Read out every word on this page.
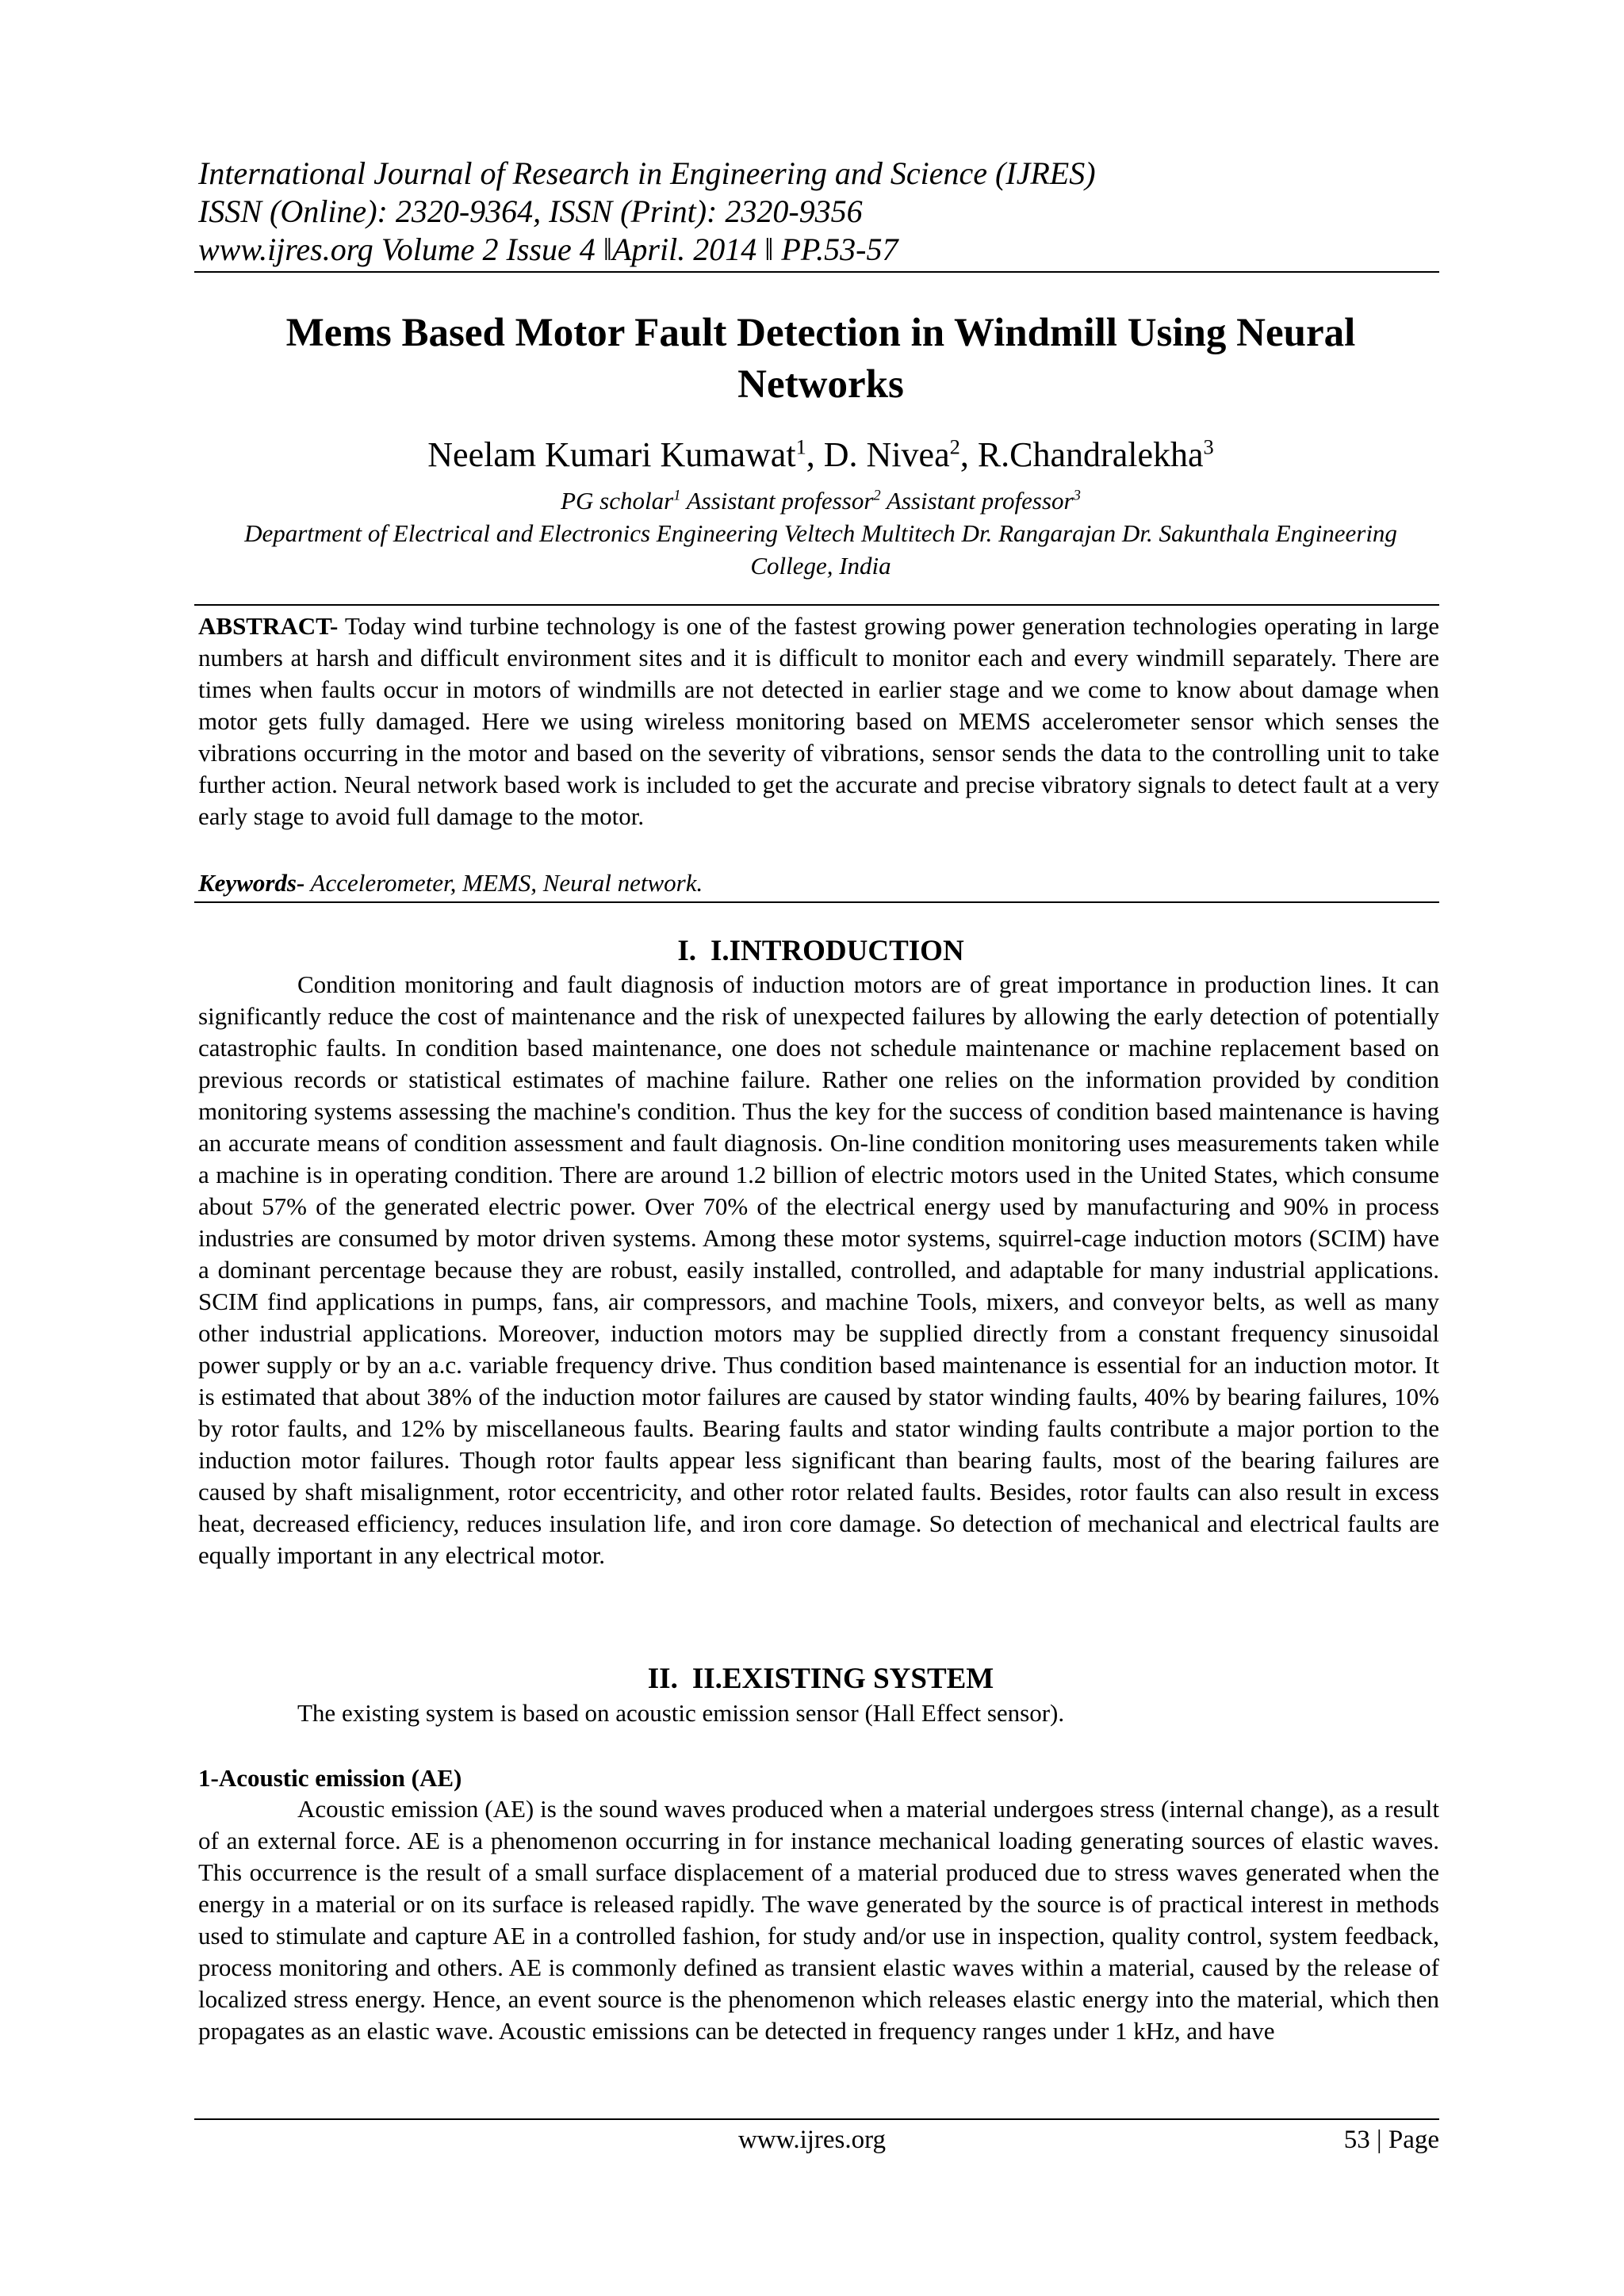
International Journal of Research in Engineering and Science (IJRES)
ISSN (Online): 2320-9364, ISSN (Print): 2320-9356
www.ijres.org Volume 2 Issue 4 ‖April. 2014 ‖ PP.53-57
Mems Based Motor Fault Detection in Windmill Using Neural Networks
Neelam Kumari Kumawat$^1$, D. Nivea$^2$, R.Chandralekha$^3$
PG scholar$^1$ Assistant professor$^2$ Assistant professor$^3$
Department of Electrical and Electronics Engineering Veltech Multitech Dr. Rangarajan Dr. Sakunthala Engineering College, India
ABSTRACT- Today wind turbine technology is one of the fastest growing power generation technologies operating in large numbers at harsh and difficult environment sites and it is difficult to monitor each and every windmill separately. There are times when faults occur in motors of windmills are not detected in earlier stage and we come to know about damage when motor gets fully damaged. Here we using wireless monitoring based on MEMS accelerometer sensor which senses the vibrations occurring in the motor and based on the severity of vibrations, sensor sends the data to the controlling unit to take further action. Neural network based work is included to get the accurate and precise vibratory signals to detect fault at a very early stage to avoid full damage to the motor.
Keywords- Accelerometer, MEMS, Neural network.
I. I.INTRODUCTION
Condition monitoring and fault diagnosis of induction motors are of great importance in production lines. It can significantly reduce the cost of maintenance and the risk of unexpected failures by allowing the early detection of potentially catastrophic faults. In condition based maintenance, one does not schedule maintenance or machine replacement based on previous records or statistical estimates of machine failure. Rather one relies on the information provided by condition monitoring systems assessing the machine's condition. Thus the key for the success of condition based maintenance is having an accurate means of condition assessment and fault diagnosis. On-line condition monitoring uses measurements taken while a machine is in operating condition. There are around 1.2 billion of electric motors used in the United States, which consume about 57% of the generated electric power. Over 70% of the electrical energy used by manufacturing and 90% in process industries are consumed by motor driven systems. Among these motor systems, squirrel-cage induction motors (SCIM) have a dominant percentage because they are robust, easily installed, controlled, and adaptable for many industrial applications. SCIM find applications in pumps, fans, air compressors, and machine Tools, mixers, and conveyor belts, as well as many other industrial applications. Moreover, induction motors may be supplied directly from a constant frequency sinusoidal power supply or by an a.c. variable frequency drive. Thus condition based maintenance is essential for an induction motor. It is estimated that about 38% of the induction motor failures are caused by stator winding faults, 40% by bearing failures, 10% by rotor faults, and 12% by miscellaneous faults. Bearing faults and stator winding faults contribute a major portion to the induction motor failures. Though rotor faults appear less significant than bearing faults, most of the bearing failures are caused by shaft misalignment, rotor eccentricity, and other rotor related faults. Besides, rotor faults can also result in excess heat, decreased efficiency, reduces insulation life, and iron core damage. So detection of mechanical and electrical faults are equally important in any electrical motor.
II. II.EXISTING SYSTEM
The existing system is based on acoustic emission sensor (Hall Effect sensor).
1-Acoustic emission (AE)
Acoustic emission (AE) is the sound waves produced when a material undergoes stress (internal change), as a result of an external force. AE is a phenomenon occurring in for instance mechanical loading generating sources of elastic waves. This occurrence is the result of a small surface displacement of a material produced due to stress waves generated when the energy in a material or on its surface is released rapidly. The wave generated by the source is of practical interest in methods used to stimulate and capture AE in a controlled fashion, for study and/or use in inspection, quality control, system feedback, process monitoring and others. AE is commonly defined as transient elastic waves within a material, caused by the release of localized stress energy. Hence, an event source is the phenomenon which releases elastic energy into the material, which then propagates as an elastic wave. Acoustic emissions can be detected in frequency ranges under 1 kHz, and have
www.ijres.org	53 | Page
